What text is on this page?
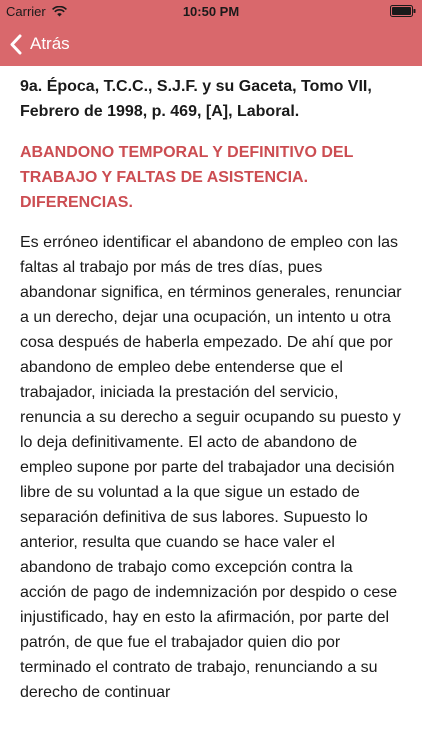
Carrier	10:50 PM
Atrás

9a. Época, T.C.C., S.J.F. y su Gaceta, Tomo VII, Febrero de 1998, p. 469, [A], Laboral.

ABANDONO TEMPORAL Y DEFINITIVO DEL TRABAJO Y FALTAS DE ASISTENCIA. DIFERENCIAS.

Es erróneo identificar el abandono de empleo con las faltas al trabajo por más de tres días, pues abandonar significa, en términos generales, renunciar a un derecho, dejar una ocupación, un intento u otra cosa después de haberla empezado. De ahí que por abandono de empleo debe entenderse que el trabajador, iniciada la prestación del servicio, renuncia a su derecho a seguir ocupando su puesto y lo deja definitivamente. El acto de abandono de empleo supone por parte del trabajador una decisión libre de su voluntad a la que sigue un estado de separación definitiva de sus labores. Supuesto lo anterior, resulta que cuando se hace valer el abandono de trabajo como excepción contra la acción de pago de indemnización por despido o cese injustificado, hay en esto la afirmación, por parte del patrón, de que fue el trabajador quien dio por terminado el contrato de trabajo, renunciando a su derecho de continuar
